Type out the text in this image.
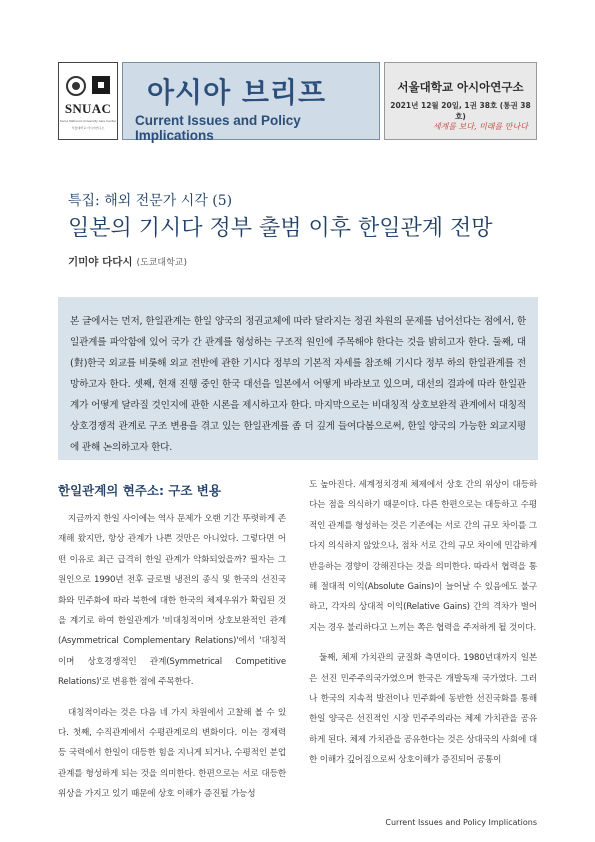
SNUAC
Seoul National University Asia Center
서울대학교 아시아연구소
아시아 브리프
Current Issues and Policy Implications
서울대학교 아시아연구소
2021년 12월 20일, 1권 38호 (통권 38호)
세계를 보다, 미래를 만나다
특집: 해외 전문가 시각 (5)
일본의 기시다 정부 출범 이후 한일관계 전망
기미야 다다시 (도쿄대학교)
본 글에서는 먼저, 한일관계는 한일 양국의 정권교체에 따라 달라지는 정권 차원의 문제를 넘어선다는 점에서, 한일관계를 파악함에 있어 국가 간 관계를 형성하는 구조적 원인에 주목해야 한다는 것을 밝히고자 한다. 둘째, 대(對)한국 외교를 비롯해 외교 전반에 관한 기시다 정부의 기본적 자세를 참조해 기시다 정부 하의 한일관계를 전망하고자 한다. 셋째, 현재 진행 중인 한국 대선을 일본에서 어떻게 바라보고 있으며, 대선의 결과에 따라 한일관계가 어떻게 달라질 것인지에 관한 시론을 제시하고자 한다. 마지막으로는 비대칭적 상호보완적 관계에서 대칭적 상호경쟁적 관계로 구조 변용을 겪고 있는 한일관계를 좀 더 깊게 들여다봄으로써, 한일 양국의 가능한 외교지평에 관해 논의하고자 한다.
한일관계의 현주소: 구조 변용

지금까지 한일 사이에는 역사 문제가 오랜 기간 뚜렷하게 존재해 왔지만, 항상 관계가 나쁜 것만은 아니었다. 그렇다면 어떤 이유로 최근 급격히 한일 관계가 악화되었을까? 필자는 그 원인으로 1990년 전후 글로벌 냉전의 종식 및 한국의 선진국화와 민주화에 따라 북한에 대한 한국의 체제우위가 확립된 것을 계기로 하여 한일관계가 '비대칭적이며 상호보완적인 관계(Asymmetrical Complementary Relations)'에서 '대칭적이며 상호경쟁적인 관계(Symmetrical Competitive Relations)'로 변용한 점에 주목한다.

대칭적이라는 것은 다음 네 가지 차원에서 고찰해 볼 수 있다. 첫째, 수직관계에서 수평관계로의 변화이다. 이는 경제력 등 국력에서 한일이 대등한 힘을 지니게 되거나, 수평적인 분업 관계를 형성하게 되는 것을 의미한다. 한편으로는 서로 대등한 위상을 가지고 있기 때문에 상호 이해가 증진될 가능성

도 높아진다. 세계정치경제 체제에서 상호 간의 위상이 대등하다는 점을 의식하기 때문이다. 다른 한편으로는 대등하고 수평적인 관계를 형성하는 것은 기존에는 서로 간의 규모 차이를 그다지 의식하지 않았으나, 점차 서로 간의 규모 차이에 민감하게 반응하는 경향이 강해진다는 것을 의미한다. 따라서 협력을 통해 절대적 이익(Absolute Gains)이 늘어날 수 있음에도 불구하고, 각자의 상대적 이익(Relative Gains) 간의 격차가 벌어지는 경우 불리하다고 느끼는 쪽은 협력을 주저하게 될 것이다.

둘째, 체제 가치관의 균질화 측면이다. 1980년대까지 일본은 선진 민주주의국가였으며 한국은 개발독재 국가였다. 그러나 한국의 지속적 발전이나 민주화에 동반한 선진국화를 통해 한일 양국은 선진적인 시장 민주주의라는 체제 가치관을 공유하게 된다. 체제 가치관을 공유한다는 것은 상대국의 사회에 대한 이해가 깊어짐으로써 상호이해가 증진되어 공통이

Current Issues and Policy Implications
